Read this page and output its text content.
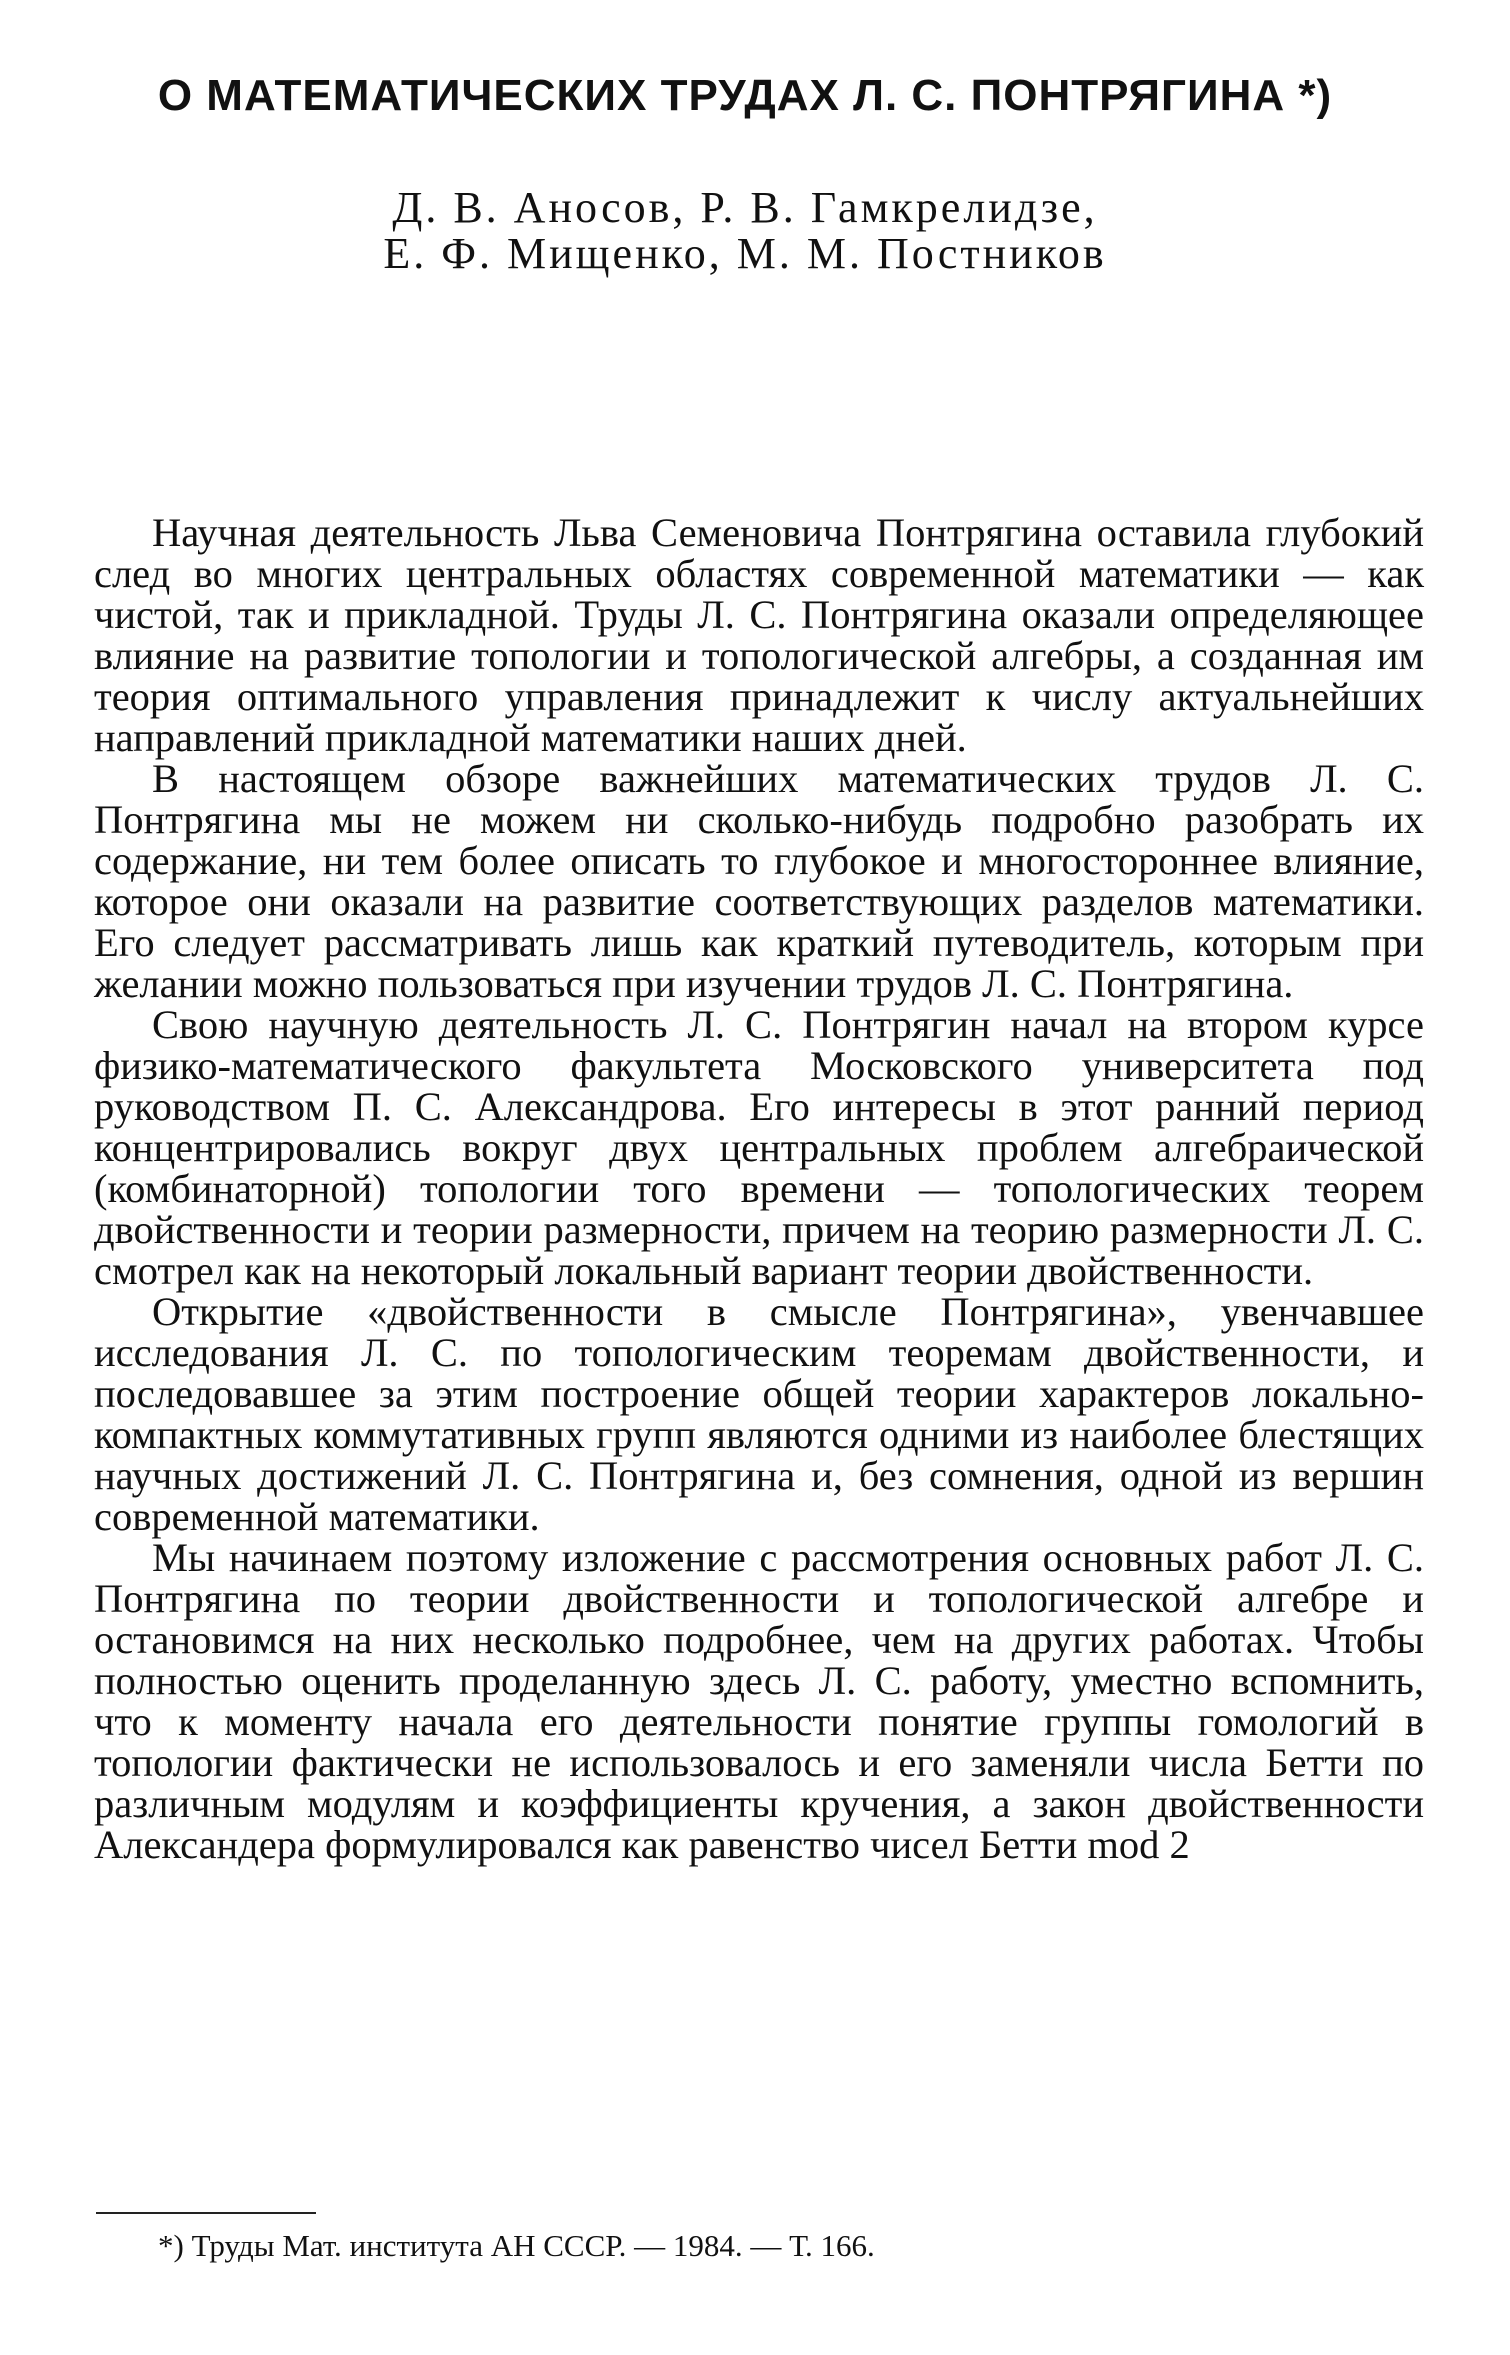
О МАТЕМАТИЧЕСКИХ ТРУДАХ Л. С. ПОНТРЯГИНА *)
Д. В. Аносов, Р. В. Гамкрелидзе,
Е. Ф. Мищенко, М. М. Постников

Научная деятельность Льва Семеновича Понтрягина оставила глубокий след во многих центральных областях современной математики — как чистой, так и прикладной. Труды Л. С. Понтрягина оказали определяющее влияние на развитие топологии и топологической алгебры, а созданная им теория оптимального управления принадлежит к числу актуальнейших направлений прикладной математики наших дней.

В настоящем обзоре важнейших математических трудов Л. С. Понтрягина мы не можем ни сколько-нибудь подробно разобрать их содержание, ни тем более описать то глубокое и многостороннее влияние, которое они оказали на развитие соответствующих разделов математики. Его следует рассматривать лишь как краткий путеводитель, которым при желании можно пользоваться при изучении трудов Л. С. Понтрягина.

Свою научную деятельность Л. С. Понтрягин начал на втором курсе физико-математического факультета Московского университета под руководством П. С. Александрова. Его интересы в этот ранний период концентрировались вокруг двух центральных проблем алгебраической (комбинаторной) топологии того времени — топологических теорем двойственности и теории размерности, причем на теорию размерности Л. С. смотрел как на некоторый локальный вариант теории двойственности.

Открытие «двойственности в смысле Понтрягина», увенчавшее исследования Л. С. по топологическим теоремам двойственности, и последовавшее за этим построение общей теории характеров локально-компактных коммутативных групп являются одними из наиболее блестящих научных достижений Л. С. Понтрягина и, без сомнения, одной из вершин современной математики.

Мы начинаем поэтому изложение с рассмотрения основных работ Л. С. Понтрягина по теории двойственности и топологической алгебре и остановимся на них несколько подробнее, чем на других работах. Чтобы полностью оценить проделанную здесь Л. С. работу, уместно вспомнить, что к моменту начала его деятельности понятие группы гомологий в топологии фактически не использовалось и его заменяли числа Бетти по различным модулям и коэффициенты кручения, а закон двойственности Александера формулировался как равенство чисел Бетти mod 2

*) Труды Мат. института АН СССР. — 1984. — Т. 166.
